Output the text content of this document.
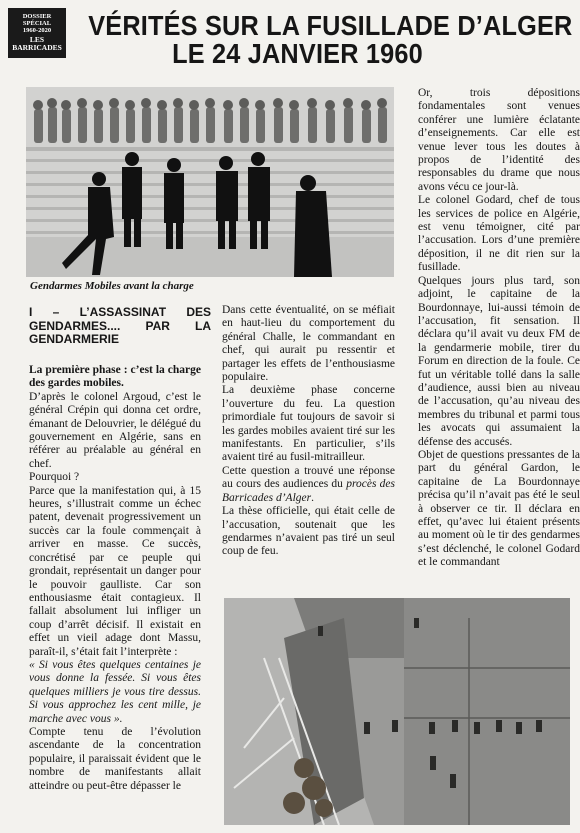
DOSSIER SPÉCIAL
1960-2020
LES BARRICADES
VÉRITÉS SUR LA FUSILLADE D’ALGER
LE 24 JANVIER 1960
Gendarmes Mobiles avant la charge
I – L’ASSASSINAT DES GENDARMES.... PAR LA GENDARMERIE

La première phase : c’est la charge des gardes mobiles.

D’après le colonel Argoud, c’est le général Crépin qui donna cet ordre, émanant de Delouvrier, le délégué du gouvernement en Algérie, sans en référer au préalable au général en chef.

Pourquoi ?

Parce que la manifestation qui, à 15 heures, s’illustrait comme un échec patent, devenait progressivement un succès car la foule commençait à arriver en masse. Ce succès, concrétisé par ce peuple qui grondait, représentait un danger pour le pouvoir gaulliste. Car son enthousiasme était contagieux. Il fallait absolument lui infliger un coup d’arrêt décisif. Il existait en effet un vieil adage dont Massu, paraît-il, s’était fait l’interprète :

« Si vous êtes quelques centaines je vous donne la fessée. Si vous êtes quelques milliers je vous tire dessus. Si vous approchez les cent mille, je marche avec vous ».

Compte tenu de l’évolution ascendante de la concentration populaire, il paraissait évident que le nombre de manifestants allait atteindre ou peut-être dépasser le

Dans cette éventualité, on se méfiait en haut-lieu du comportement du général Challe, le commandant en chef, qui aurait pu ressentir et partager les effets de l’enthousiasme populaire.

La deuxième phase concerne l’ouverture du feu. La question primordiale fut toujours de savoir si les gardes mobiles avaient tiré sur les manifestants. En particulier, s’ils avaient tiré au fusil-mitrailleur.

Cette question a trouvé une réponse au cours des audiences du procès des Barricades d’Alger.

La thèse officielle, qui était celle de l’accusation, soutenait que les gendarmes n’avaient pas tiré un seul coup de feu.

Or, trois dépositions fondamentales sont venues conférer une lumière éclatante d’enseignements. Car elle est venue lever tous les doutes à propos de l’identité des responsables du drame que nous avons vécu ce jour-là.

Le colonel Godard, chef de tous les services de police en Algérie, est venu témoigner, cité par l’accusation. Lors d’une première déposition, il ne dit rien sur la fusillade.

Quelques jours plus tard, son adjoint, le capitaine de la Bourdonnaye, lui-aussi témoin de l’accusation, fit sensation. Il déclara qu’il avait vu deux FM de la gendarmerie mobile, tirer du Forum en direction de la foule. Ce fut un véritable tollé dans la salle d’audience, aussi bien au niveau de l’accusation, qu’au niveau des membres du tribunal et parmi tous les avocats qui assumaient la défense des accusés.

Objet de questions pressantes de la part du général Gardon, le capitaine de La Bourdonnaye précisa qu’il n’avait pas été le seul à observer ce tir. Il déclara en effet, qu’avec lui étaient présents au moment où le tir des gendarmes s’est déclenché, le colonel Godard et le commandant
